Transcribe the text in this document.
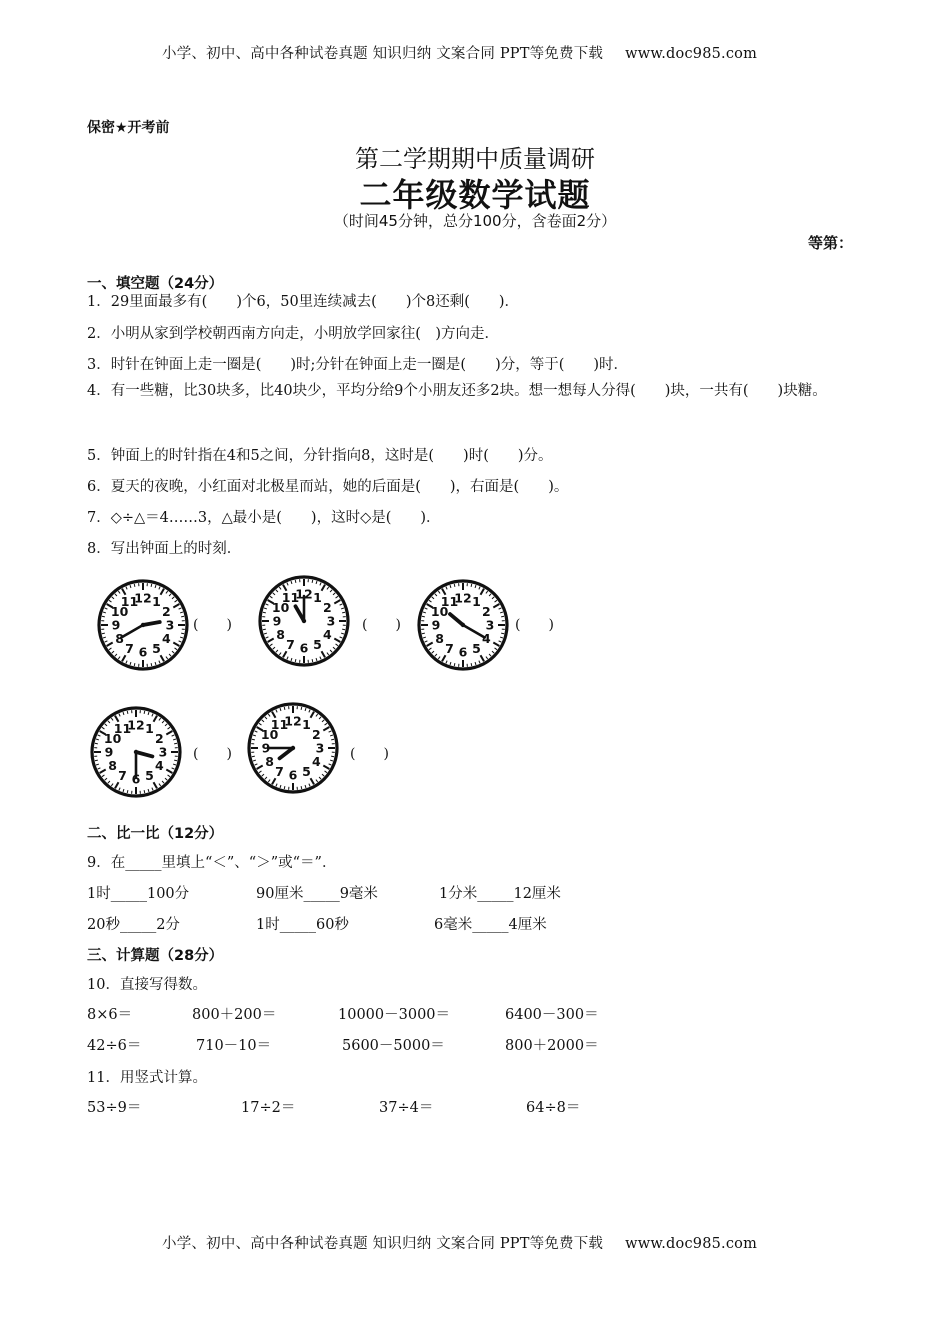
小学、初中、高中各种试卷真题 知识归纳 文案合同 PPT等免费下载 www.doc985.com
保密★开考前
第二学期期中质量调研
二年级数学试题
（时间45分钟，总分100分，含卷面2分）
等第：
一、填空题（24分）
1．29里面最多有(　　)个6，50里连续减去(　　)个8还剩(　　)．
2．小明从家到学校朝西南方向走，小明放学回家往(　)方向走．
3．时针在钟面上走一圈是(　　)时;分针在钟面上走一圈是(　　)分，等于(　　)时．
4．有一些糖，比30块多，比40块少，平均分给9个小朋友还多2块。想一想每人分得(　　)块，一共有(　　)块糖。
5．钟面上的时针指在4和5之间，分针指向8，这时是(　　)时(　　)分。
6．夏天的夜晚，小红面对北极星而站，她的后面是(　　)，右面是(　　)。
7．◇÷△＝4……3，△最小是(　　)，这时◇是(　　)．
8．写出钟面上的时刻．
12 1
2
3
4
5
6
7
8
9
10
11
(　　)
12 1
2
3
4
5
6
7
8
9
10
11
(　　)
12 1
2
3
4
5
6
7
8
9
10
11
(　　)
12 1
2
3
4
5
6
7
8
9
10
11
(　　)
12 1
2
3
4
5
6
7
8
9
10
11
(　　)
二、比一比（12分）
9．在_____里填上“＜”、“＞”或“＝”．
1时_____100分	90厘米_____9毫米	1分米_____12厘米
20秒_____2分	1时_____60秒	6毫米_____4厘米
三、计算题（28分）
10．直接写得数。
8×6＝	800＋200＝	10000－3000＝	6400－300＝
42÷6＝	710－10＝	5600－5000＝	800＋2000＝
11．用竖式计算。
53÷9＝	17÷2＝	37÷4＝	64÷8＝
小学、初中、高中各种试卷真题 知识归纳 文案合同 PPT等免费下载 www.doc985.com
